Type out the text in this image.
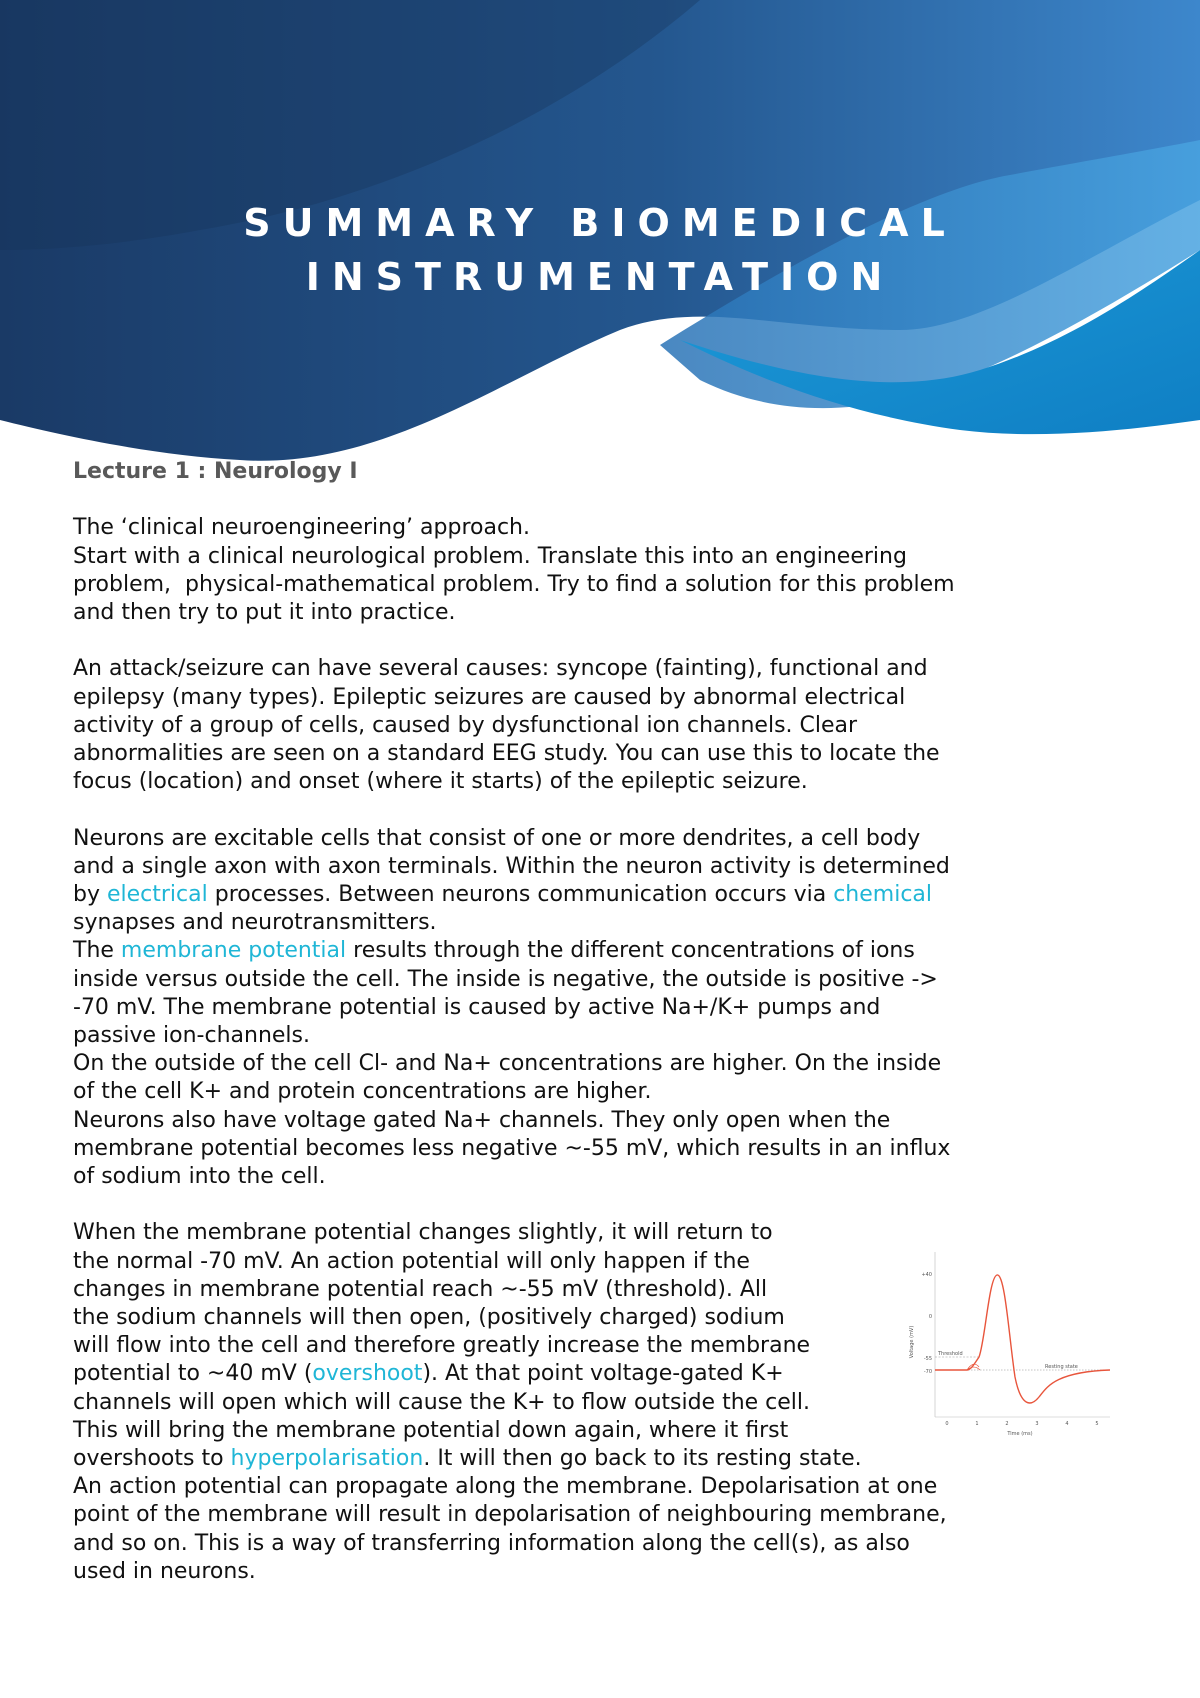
SUMMARY BIOMEDICAL
INSTRUMENTATION
Lecture 1 : Neurology I
The ‘clinical neuroengineering’ approach.
Start with a clinical neurological problem. Translate this into an engineering
problem,  physical-mathematical problem. Try to find a solution for this problem
and then try to put it into practice.
An attack/seizure can have several causes: syncope (fainting), functional and
epilepsy (many types). Epileptic seizures are caused by abnormal electrical
activity of a group of cells, caused by dysfunctional ion channels. Clear
abnormalities are seen on a standard EEG study. You can use this to locate the
focus (location) and onset (where it starts) of the epileptic seizure.
Neurons are excitable cells that consist of one or more dendrites, a cell body
and a single axon with axon terminals. Within the neuron activity is determined
by electrical processes. Between neurons communication occurs via chemical
synapses and neurotransmitters.
The membrane potential results through the different concentrations of ions
inside versus outside the cell. The inside is negative, the outside is positive ->
-70 mV. The membrane potential is caused by active Na+/K+ pumps and
passive ion-channels.
On the outside of the cell Cl- and Na+ concentrations are higher. On the inside
of the cell K+ and protein concentrations are higher.
Neurons also have voltage gated Na+ channels. They only open when the
membrane potential becomes less negative ~-55 mV, which results in an influx
of sodium into the cell.
When the membrane potential changes slightly, it will return to
the normal -70 mV. An action potential will only happen if the
changes in membrane potential reach ~-55 mV (threshold). All
the sodium channels will then open, (positively charged) sodium
will flow into the cell and therefore greatly increase the membrane
potential to ~40 mV (overshoot). At that point voltage-gated K+
channels will open which will cause the K+ to flow outside the cell.
This will bring the membrane potential down again, where it first
overshoots to hyperpolarisation. It will then go back to its resting state.
An action potential can propagate along the membrane. Depolarisation at one
point of the membrane will result in depolarisation of neighbouring membrane,
and so on. This is a way of transferring information along the cell(s), as also
used in neurons.
Voltage (mV)
Time (ms)
+40
0
-55
-70
0	1	2	3	4	5
Threshold
Resting state
